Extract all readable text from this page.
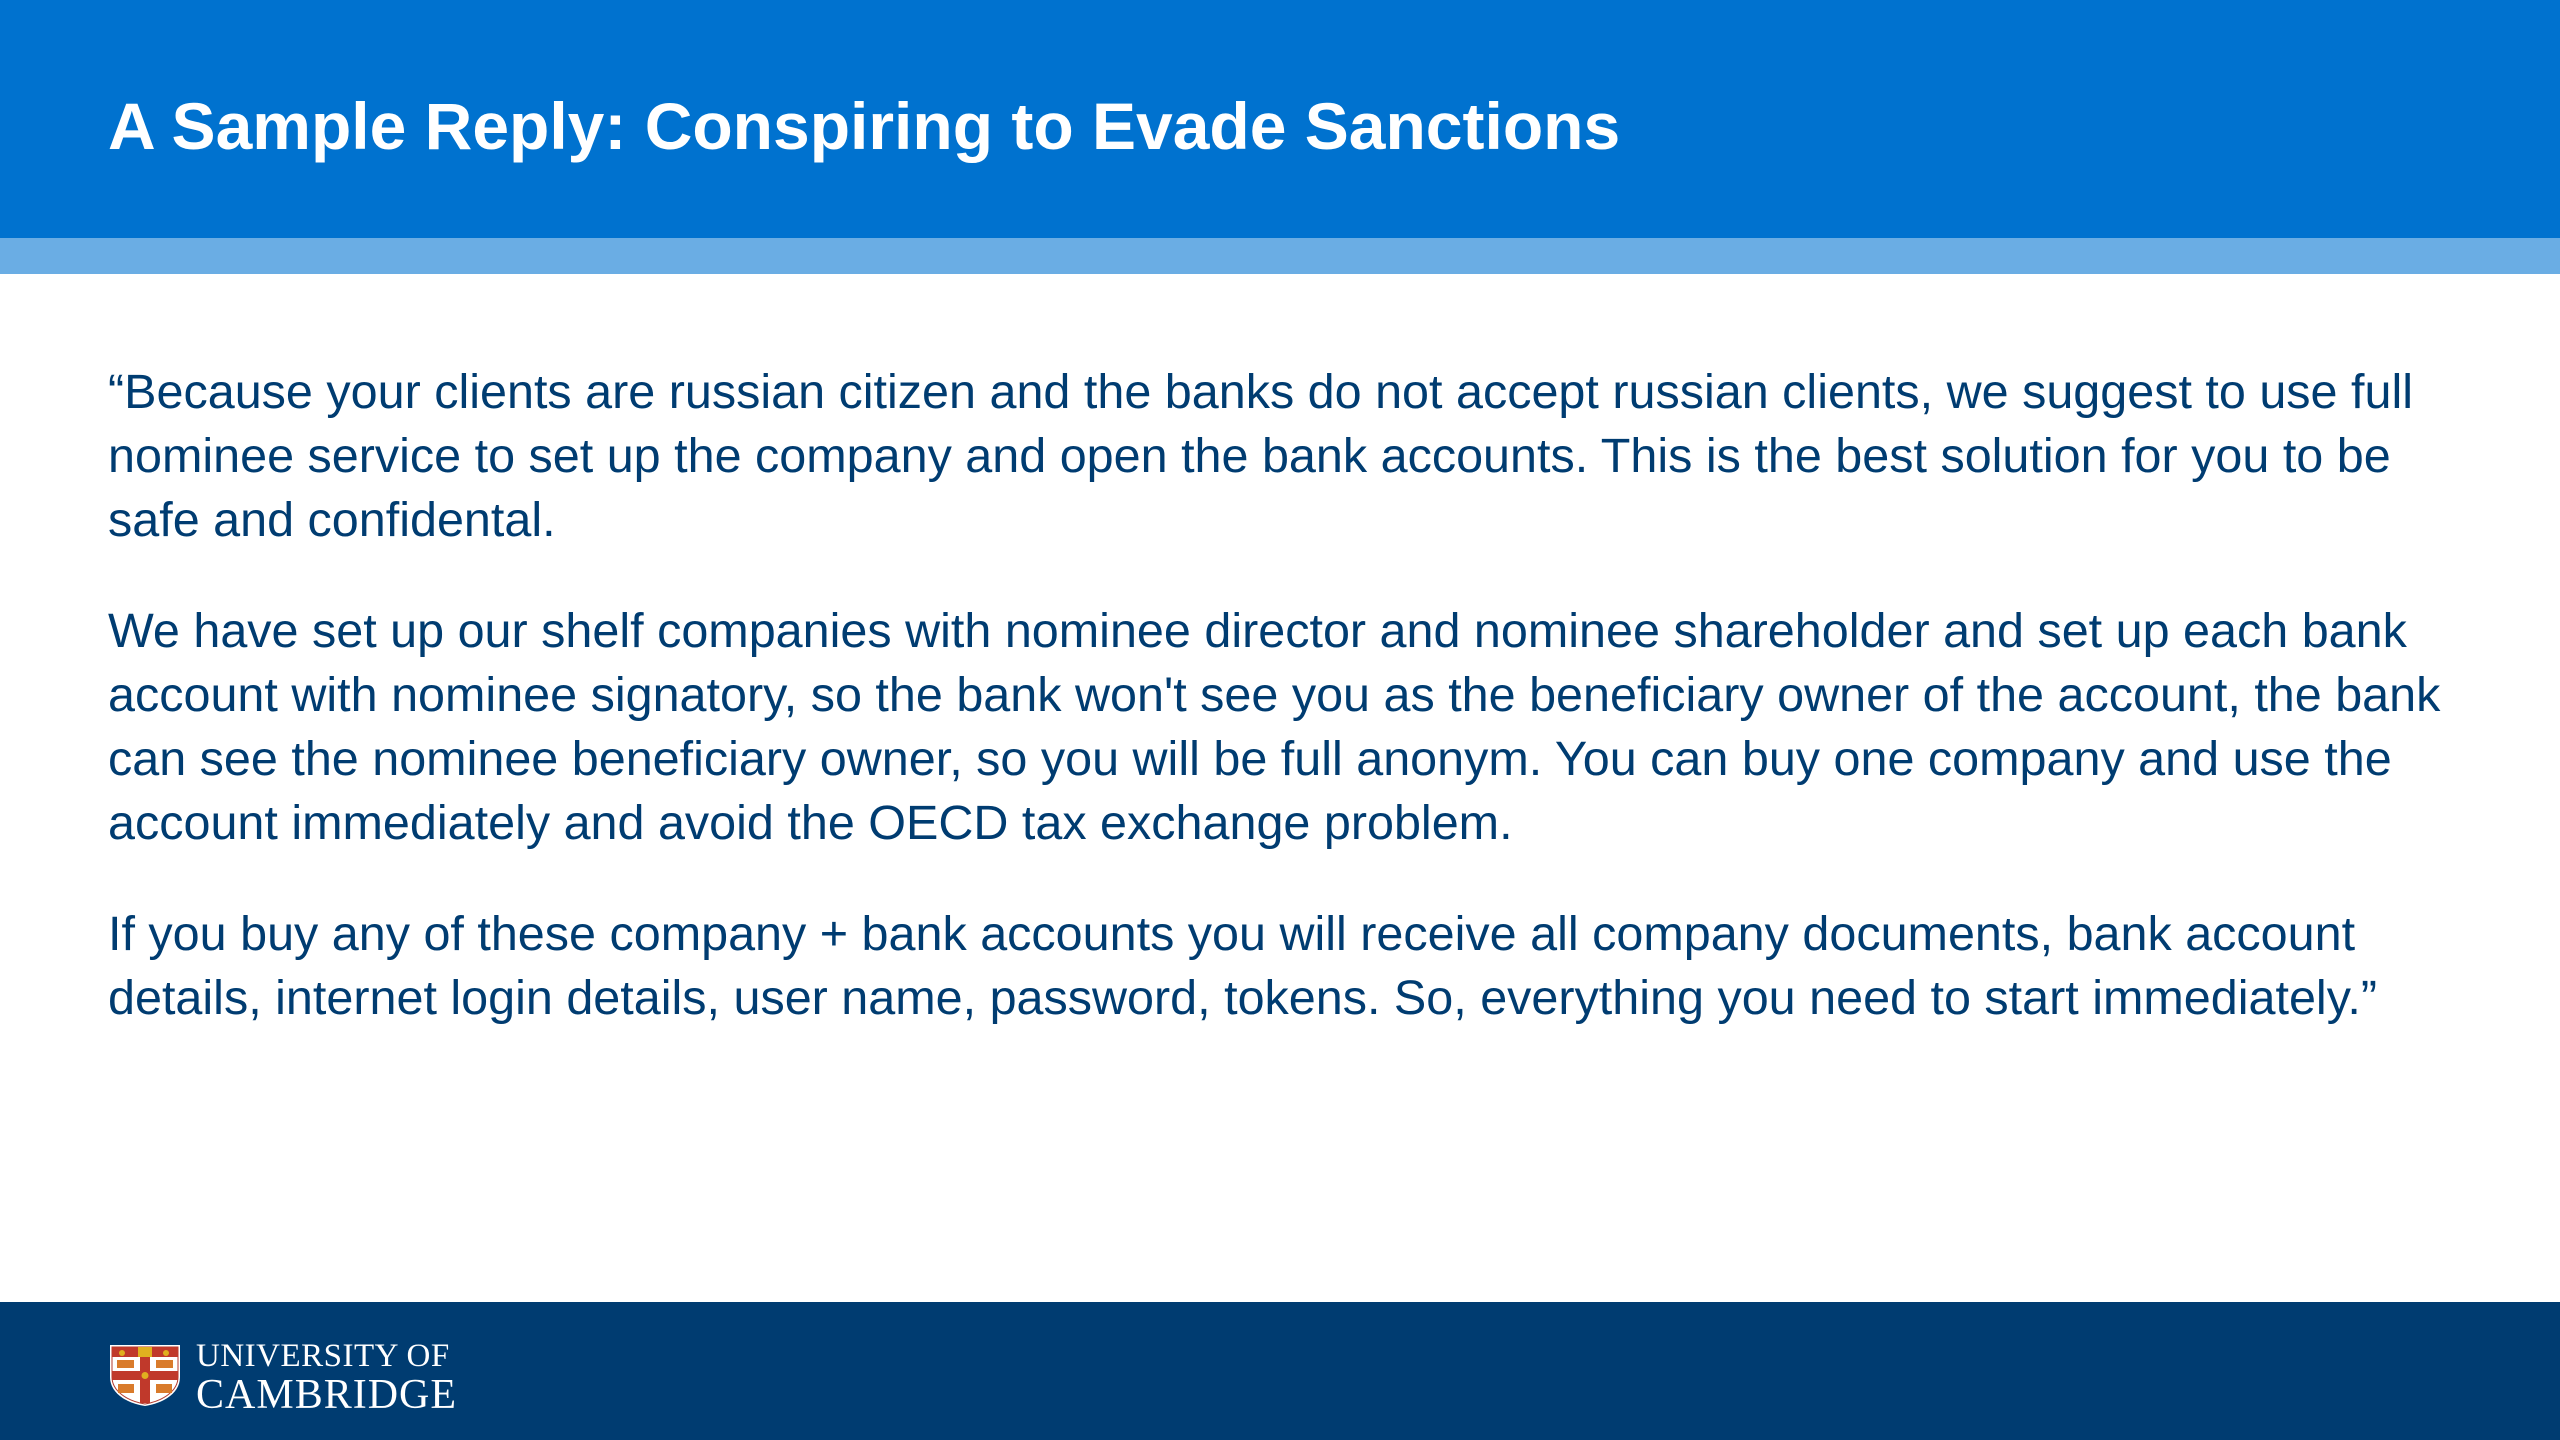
A Sample Reply: Conspiring to Evade Sanctions

“Because your clients are russian citizen and the banks do not accept russian clients, we suggest to use full nominee service to set up the company and open the bank accounts. This is the best solution for you to be safe and confidental.

We have set up our shelf companies with nominee director and nominee shareholder and set up each bank account with nominee signatory, so the bank won't see you as the beneficiary owner of the account, the bank can see the nominee beneficiary owner, so you will be full anonym. You can buy one company and use the account immediately and avoid the OECD tax exchange problem.

If you buy any of these company + bank accounts you will receive all company documents, bank account details, internet login details, user name, password, tokens. So, everything you need to start immediately.”

UNIVERSITY OF
CAMBRIDGE
